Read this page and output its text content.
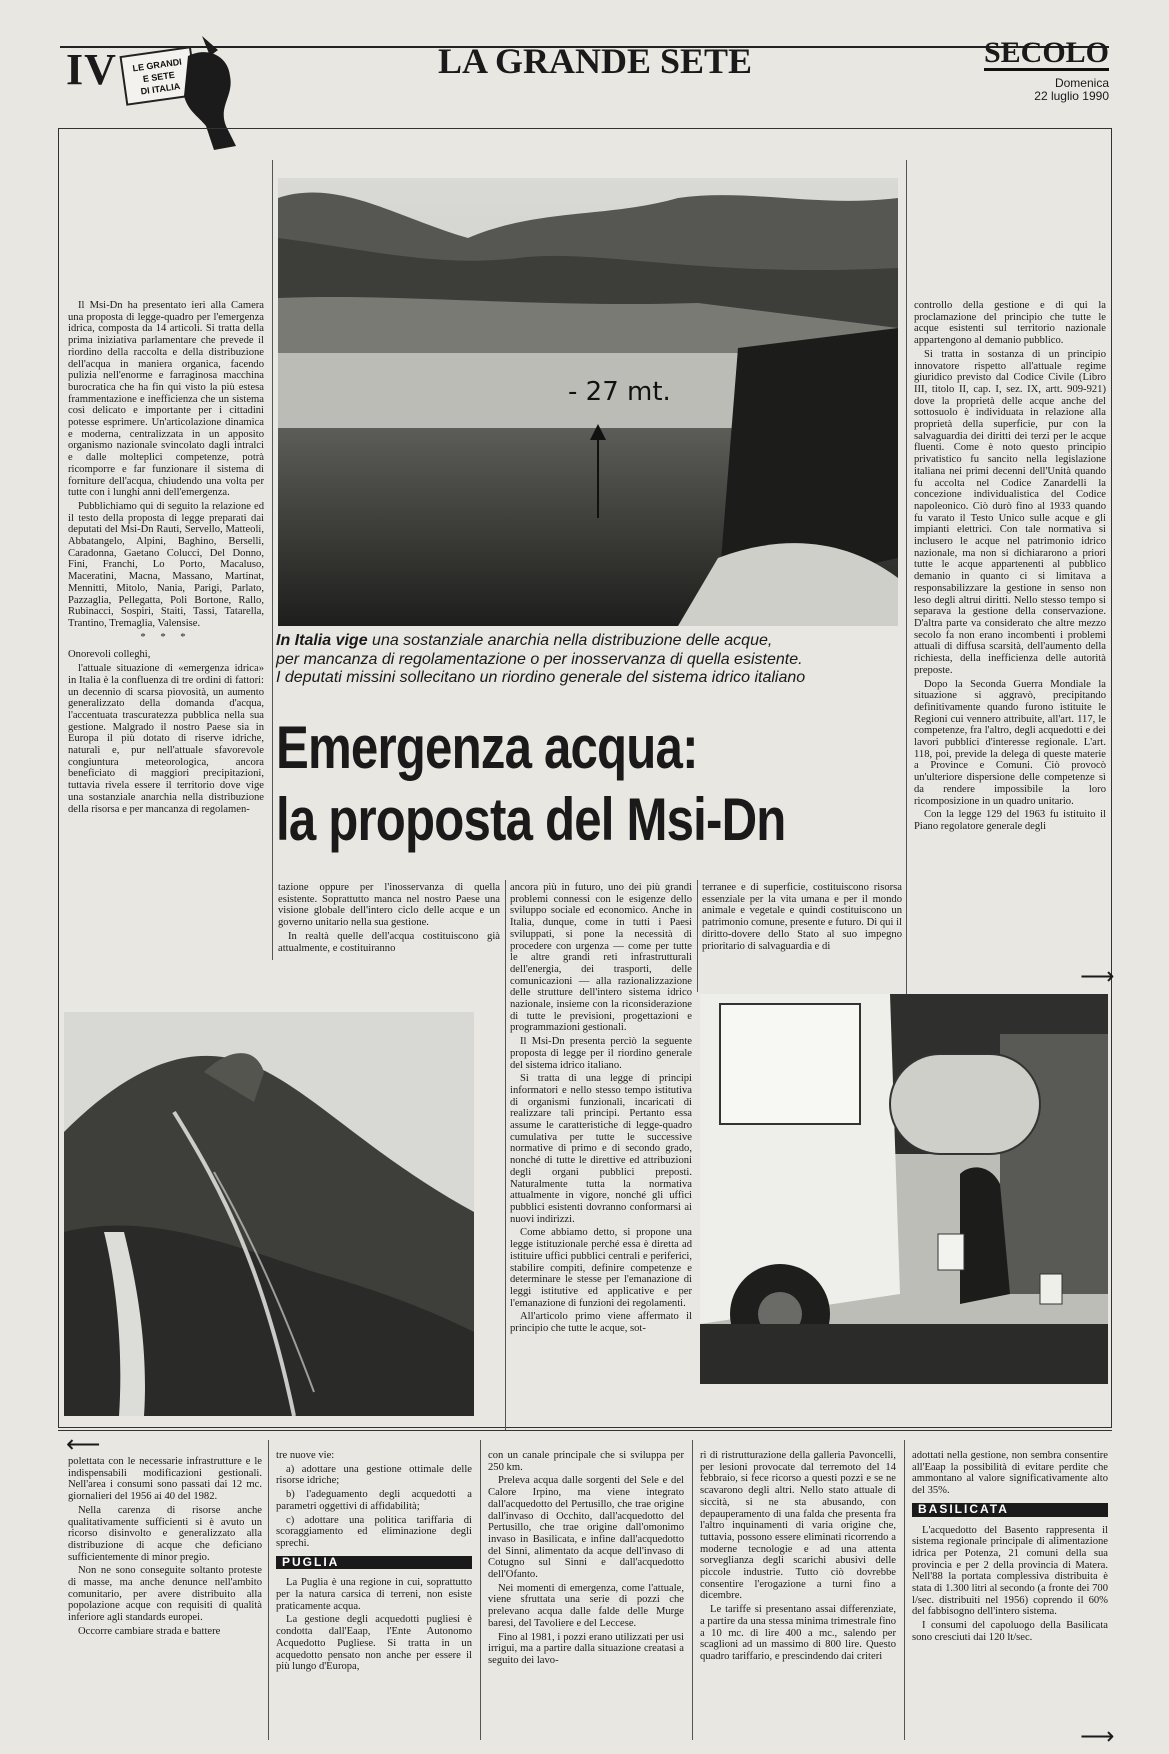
IV LE GRANDI
E SETE
DI ITALIA
LA GRANDE SETE	SECOLO
Domenica
22 luglio 1990
- 27 mt.
In Italia vige una sostanziale anarchia nella distribuzione delle acque,
per mancanza di regolamentazione o per inosservanza di quella esistente.
I deputati missini sollecitano un riordino generale del sistema idrico italiano
Emergenza acqua:
la proposta del Msi-Dn

Il Msi-Dn ha presentato ieri alla Camera una proposta di legge-quadro per l'emergenza idrica, composta da 14 articoli. Si tratta della prima iniziativa parlamentare che prevede il riordino della raccolta e della distribuzione dell'acqua in maniera organica, facendo pulizia nell'enorme e farraginosa macchina burocratica che ha fin qui visto la più estesa frammentazione e inefficienza che un sistema così delicato e importante per i cittadini potesse esprimere. Un'articolazione dinamica e moderna, centralizzata in un apposito organismo nazionale svincolato dagli intralci e dalle molteplici competenze, potrà ricomporre e far funzionare il sistema di forniture dell'acqua, chiudendo una volta per tutte con i lunghi anni dell'emergenza.

Pubblichiamo qui di seguito la relazione ed il testo della proposta di legge preparati dai deputati del Msi-Dn Rauti, Servello, Matteoli, Abbatangelo, Alpini, Baghino, Berselli, Caradonna, Gaetano Colucci, Del Donno, Fini, Franchi, Lo Porto, Macaluso, Maceratini, Macna, Massano, Martinat, Mennitti, Mitolo, Nania, Parigi, Parlato, Pazzaglia, Pellegatta, Poli Bortone, Rallo, Rubinacci, Sospiri, Staiti, Tassi, Tatarella, Trantino, Tremaglia, Valensise.

* * *

Onorevoli colleghi,

l'attuale situazione di «emergenza idrica» in Italia è la confluenza di tre ordini di fattori: un decennio di scarsa piovosità, un aumento generalizzato della domanda d'acqua, l'accentuata trascuratezza pubblica nella sua gestione. Malgrado il nostro Paese sia in Europa il più dotato di riserve idriche, naturali e, pur nell'attuale sfavorevole congiuntura meteorologica, ancora beneficiato di maggiori precipitazioni, tuttavia rivela essere il territorio dove vige una sostanziale anarchia nella distribuzione della risorsa e per mancanza di regolamen-

controllo della gestione e di qui la proclamazione del principio che tutte le acque esistenti sul territorio nazionale appartengono al demanio pubblico.

Si tratta in sostanza di un principio innovatore rispetto all'attuale regime giuridico previsto dal Codice Civile (Libro III, titolo II, cap. I, sez. IX, artt. 909-921) dove la proprietà delle acque anche del sottosuolo è individuata in relazione alla proprietà della superficie, pur con la salvaguardia dei diritti dei terzi per le acque fluenti. Come è noto questo principio privatistico fu sancito nella legislazione italiana nei primi decenni dell'Unità quando fu accolta nel Codice Zanardelli la concezione individualistica del Codice napoleonico. Ciò durò fino al 1933 quando fu varato il Testo Unico sulle acque e gli impianti elettrici. Con tale normativa si inclusero le acque nel patrimonio idrico nazionale, ma non si dichiararono a priori tutte le acque appartenenti al pubblico demanio in quanto ci si limitava a responsabilizzare la gestione in senso non leso degli altrui diritti. Nello stesso tempo si separava la gestione della conservazione. D'altra parte va considerato che altre mezzo secolo fa non erano incombenti i problemi attuali di diffusa scarsità, dell'aumento della richiesta, della inefficienza delle autorità preposte.

Dopo la Seconda Guerra Mondiale la situazione si aggravò, precipitando definitivamente quando furono istituite le Regioni cui vennero attribuite, all'art. 117, le competenze, fra l'altro, degli acquedotti e dei lavori pubblici d'interesse regionale. L'art. 118, poi, previde la delega di queste materie a Province e Comuni. Ciò provocò un'ulteriore dispersione delle competenze sì da rendere impossibile la loro ricomposizione in un quadro unitario.

Con la legge 129 del 1963 fu istituito il Piano regolatore generale degli

⟶

tazione oppure per l'inosservanza di quella esistente. Soprattutto manca nel nostro Paese una visione globale dell'intero ciclo delle acque e un governo unitario nella sua gestione.

In realtà quelle dell'acqua costituiscono già attualmente, e costituiranno

ancora più in futuro, uno dei più grandi problemi connessi con le esigenze dello sviluppo sociale ed economico. Anche in Italia, dunque, come in tutti i Paesi sviluppati, si pone la necessità di procedere con urgenza — come per tutte le altre grandi reti infrastrutturali dell'energia, dei trasporti, delle comunicazioni — alla razionalizzazione delle strutture dell'intero sistema idrico nazionale, insieme con la riconsiderazione di tutte le previsioni, progettazioni e programmazioni gestionali.

Il Msi-Dn presenta perciò la seguente proposta di legge per il riordino generale del sistema idrico italiano.

Si tratta di una legge di principi informatori e nello stesso tempo istitutiva di organismi funzionali, incaricati di realizzare tali principi. Pertanto essa assume le caratteristiche di legge-quadro cumulativa per tutte le successive normative di primo e di secondo grado, nonché di tutte le direttive ed attribuzioni degli organi pubblici preposti. Naturalmente tutta la normativa attualmente in vigore, nonché gli uffici pubblici esistenti dovranno conformarsi ai nuovi indirizzi.

Come abbiamo detto, si propone una legge istituzionale perché essa è diretta ad istituire uffici pubblici centrali e periferici, stabilire compiti, definire competenze e determinare le stesse per l'emanazione di leggi istitutive ed applicative e per l'emanazione di funzioni dei regolamenti.

All'articolo primo viene affermato il principio che tutte le acque, sot-

terranee e di superficie, costituiscono risorsa essenziale per la vita umana e per il mondo animale e vegetale e quindi costituiscono un patrimonio comune, presente e futuro. Di qui il diritto-dovere dello Stato al suo impegno prioritario di salvaguardia e di

⟵

polettata con le necessarie infrastrutture e le indispensabili modificazioni gestionali. Nell'area i consumi sono passati dai 12 mc. giornalieri del 1956 ai 40 del 1982.

Nella carenza di risorse anche qualitativamente sufficienti si è avuto un ricorso disinvolto e generalizzato alla distribuzione di acque che deficiano sufficientemente di minor pregio.

Non ne sono conseguite soltanto proteste di masse, ma anche denunce nell'ambito comunitario, per avere distribuito alla popolazione acque con requisiti di qualità inferiore agli standards europei.

Occorre cambiare strada e battere

tre nuove vie:

a) adottare una gestione ottimale delle risorse idriche;

b) l'adeguamento degli acquedotti a parametri oggettivi di affidabilità;

c) adottare una politica tariffaria di scoraggiamento ed eliminazione degli sprechi.

PUGLIA

La Puglia è una regione in cui, soprattutto per la natura carsica di terreni, non esiste praticamente acqua.

La gestione degli acquedotti pugliesi è condotta dall'Eaap, l'Ente Autonomo Acquedotto Pugliese. Si tratta in un acquedotto pensato non anche per essere il più lungo d'Europa,

con un canale principale che si sviluppa per 250 km.

Preleva acqua dalle sorgenti del Sele e del Calore Irpino, ma viene integrato dall'acquedotto del Pertusillo, che trae origine dall'invaso di Occhito, dall'acquedotto del Pertusillo, che trae origine dall'omonimo invaso in Basilicata, e infine dall'acquedotto del Sinni, alimentato da acque dell'invaso di Cotugno sul Sinni e dall'acquedotto dell'Ofanto.

Nei momenti di emergenza, come l'attuale, viene sfruttata una serie di pozzi che prelevano acqua dalle falde delle Murge baresi, del Tavoliere e del Leccese.

Fino al 1981, i pozzi erano utilizzati per usi irrigui, ma a partire dalla situazione creatasi a seguito dei lavo-

ri di ristrutturazione della galleria Pavoncelli, per lesioni provocate dal terremoto del 14 febbraio, si fece ricorso a questi pozzi e se ne scavarono degli altri. Nello stato attuale di siccità, si ne sta abusando, con depauperamento di una falda che presenta fra l'altro inquinamenti di varia origine che, tuttavia, possono essere eliminati ricorrendo a moderne tecnologie e ad una attenta sorveglianza degli scarichi abusivi delle piccole industrie. Tutto ciò dovrebbe consentire l'erogazione a turni fino a dicembre.

Le tariffe si presentano assai differenziate, a partire da una stessa minima trimestrale fino a 10 mc. di lire 400 a mc., salendo per scaglioni ad un massimo di 800 lire. Questo quadro tariffario, e prescindendo dai criteri

adottati nella gestione, non sembra consentire all'Eaap la possibilità di evitare perdite che ammontano al valore significativamente alto del 35%.

BASILICATA

L'acquedotto del Basento rappresenta il sistema regionale principale di alimentazione idrica per Potenza, 21 comuni della sua provincia e per 2 della provincia di Matera. Nell'88 la portata complessiva distribuita è stata di 1.300 litri al secondo (a fronte dei 700 l/sec. distribuiti nel 1956) coprendo il 60% del fabbisogno dell'intero sistema.

I consumi del capoluogo della Basilicata sono cresciuti dai 120 lt/sec.

⟶
